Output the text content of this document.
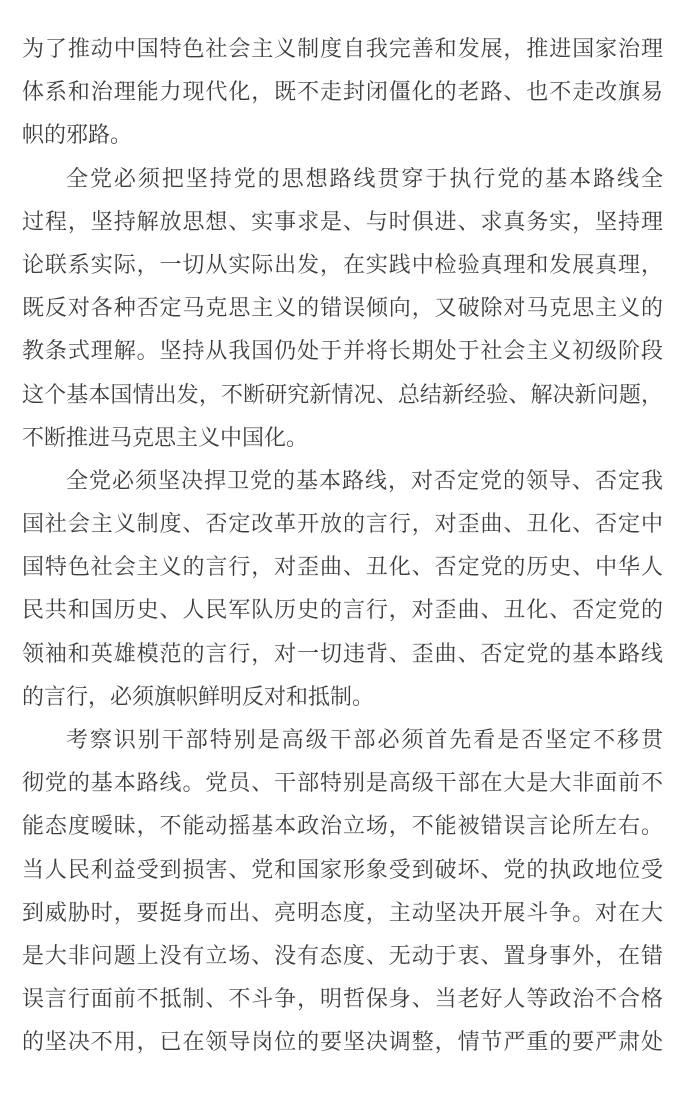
为了推动中国特色社会主义制度自我完善和发展，推进国家治理
体系和治理能力现代化，既不走封闭僵化的老路、也不走改旗易
帜的邪路。
全党必须把坚持党的思想路线贯穿于执行党的基本路线全
过程，坚持解放思想、实事求是、与时俱进、求真务实，坚持理
论联系实际，一切从实际出发，在实践中检验真理和发展真理，
既反对各种否定马克思主义的错误倾向，又破除对马克思主义的
教条式理解。坚持从我国仍处于并将长期处于社会主义初级阶段
这个基本国情出发，不断研究新情况、总结新经验、解决新问题，
不断推进马克思主义中国化。
全党必须坚决捍卫党的基本路线，对否定党的领导、否定我
国社会主义制度、否定改革开放的言行，对歪曲、丑化、否定中
国特色社会主义的言行，对歪曲、丑化、否定党的历史、中华人
民共和国历史、人民军队历史的言行，对歪曲、丑化、否定党的
领袖和英雄模范的言行，对一切违背、歪曲、否定党的基本路线
的言行，必须旗帜鲜明反对和抵制。
考察识别干部特别是高级干部必须首先看是否坚定不移贯
彻党的基本路线。党员、干部特别是高级干部在大是大非面前不
能态度暧昧，不能动摇基本政治立场，不能被错误言论所左右。
当人民利益受到损害、党和国家形象受到破坏、党的执政地位受
到威胁时，要挺身而出、亮明态度，主动坚决开展斗争。对在大
是大非问题上没有立场、没有态度、无动于衷、置身事外，在错
误言行面前不抵制、不斗争，明哲保身、当老好人等政治不合格
的坚决不用，已在领导岗位的要坚决调整，情节严重的要严肃处
